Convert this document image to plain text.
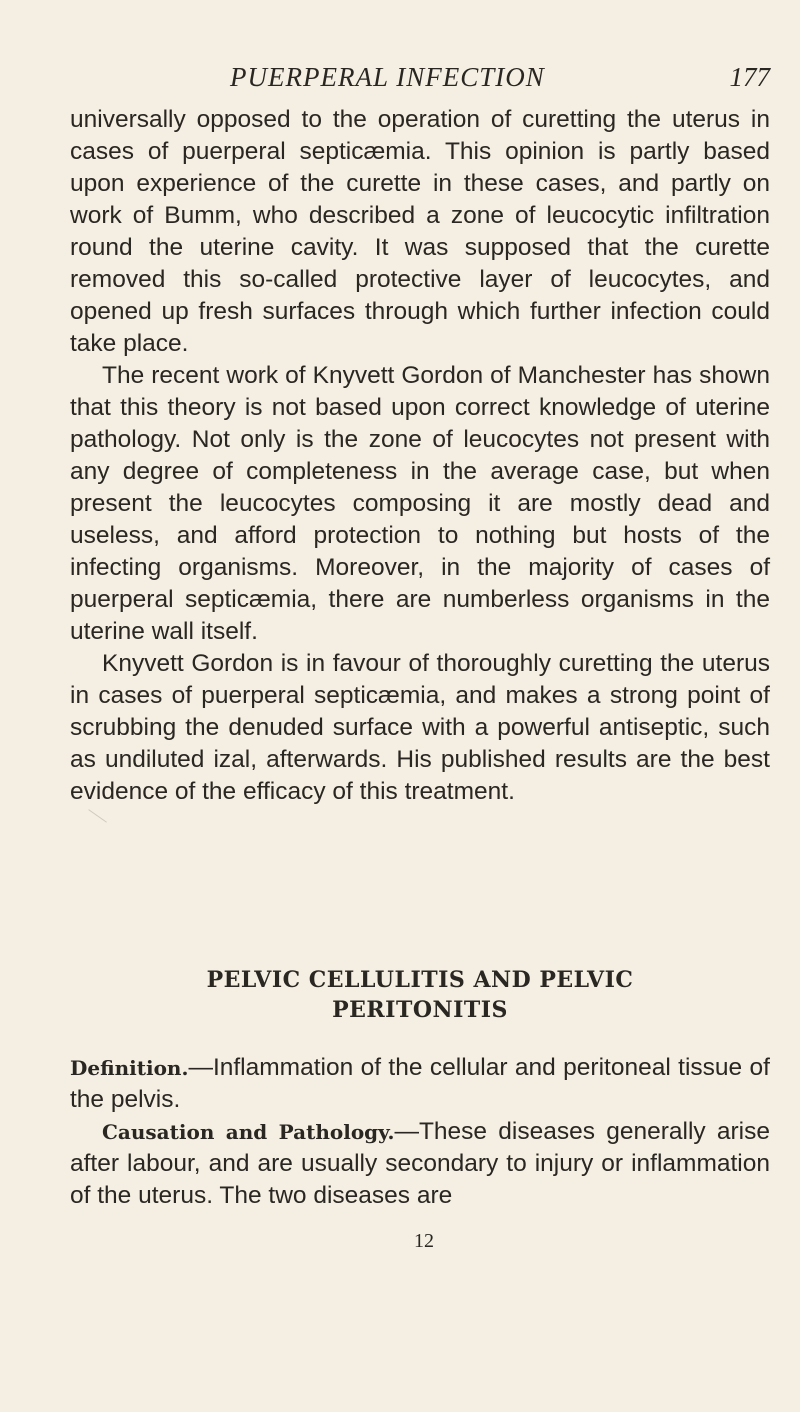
PUERPERAL INFECTION	177

universally opposed to the operation of curetting the uterus in cases of puerperal septicæmia. This opinion is partly based upon experience of the curette in these cases, and partly on work of Bumm, who described a zone of leucocytic infiltration round the uterine cavity. It was supposed that the curette removed this so-called protective layer of leucocytes, and opened up fresh surfaces through which further infection could take place.

The recent work of Knyvett Gordon of Manchester has shown that this theory is not based upon correct knowledge of uterine pathology. Not only is the zone of leucocytes not present with any degree of completeness in the average case, but when present the leucocytes composing it are mostly dead and useless, and afford protection to nothing but hosts of the infecting organisms. Moreover, in the majority of cases of puerperal septicæmia, there are numberless organisms in the uterine wall itself.

Knyvett Gordon is in favour of thoroughly curetting the uterus in cases of puerperal septicæmia, and makes a strong point of scrubbing the denuded surface with a powerful antiseptic, such as undiluted izal, afterwards. His published results are the best evidence of the efficacy of this treatment.

PELVIC CELLULITIS AND PELVIC
PERITONITIS

Definition.—Inflammation of the cellular and peritoneal tissue of the pelvis.

Causation and Pathology.—These diseases generally arise after labour, and are usually secondary to injury or inflammation of the uterus. The two diseases are

12
